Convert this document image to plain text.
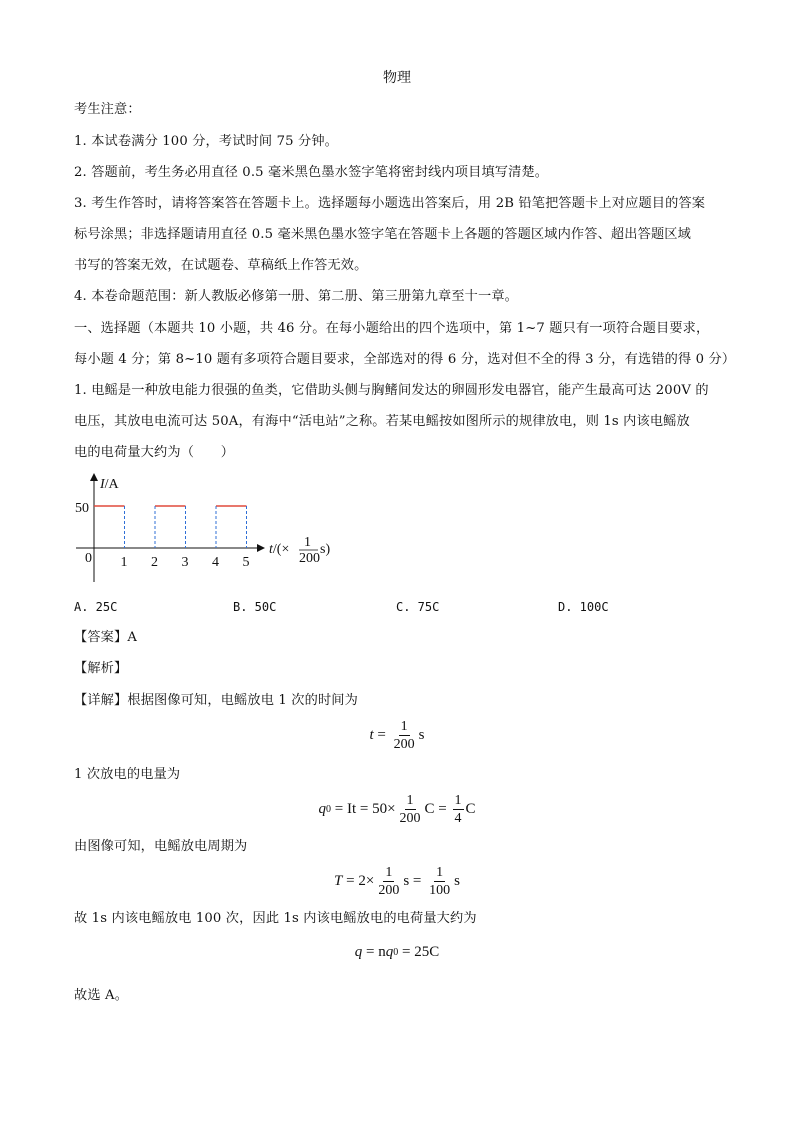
物理
考生注意：
1. 本试卷满分 100 分，考试时间 75 分钟。
2. 答题前，考生务必用直径 0.5 毫米黑色墨水签字笔将密封线内项目填写清楚。
3. 考生作答时，请将答案答在答题卡上。选择题每小题选出答案后，用 2B 铅笔把答题卡上对应题目的答案
标号涂黑；非选择题请用直径 0.5 毫米黑色墨水签字笔在答题卡上各题的答题区域内作答、超出答题区域
书写的答案无效，在试题卷、草稿纸上作答无效。
4. 本卷命题范围：新人教版必修第一册、第二册、第三册第九章至十一章。
一、选择题（本题共 10 小题，共 46 分。在每小题给出的四个选项中，第 1~7 题只有一项符合题目要求，
每小题 4 分；第 8~10 题有多项符合题目要求，全部选对的得 6 分，选对但不全的得 3 分，有选错的得 0 分）
1. 电鳐是一种放电能力很强的鱼类，它借助头侧与胸鳍间发达的卵圆形发电器官，能产生最高可达 200V 的
电压，其放电电流可达 50A，有海中“活电站”之称。若某电鳐按如图所示的规律放电，则 1s 内该电鳐放
电的电荷量大约为（　　）
1 2 3 4 5
50
0
I/A
t/(× 1
200
s)
A. 25C	B. 50C	C. 75C	D. 100C
【答案】A
【解析】
【详解】根据图像可知，电鳐放电 1 次的时间为
$t = \frac{1}{200}$ s
1 次放电的电量为
q $0 = It = 50\times \frac{1}{200}$ $C = \frac{1}{4}$ C
由图像可知，电鳐放电周期为
$T = 2\times \frac{1}{200}$ $s = \frac{1}{100}$ s
故 1s 内该电鳐放电 100 次，因此 1s 内该电鳐放电的电荷量大约为
q = n q 0 = 25C
故选 A。
